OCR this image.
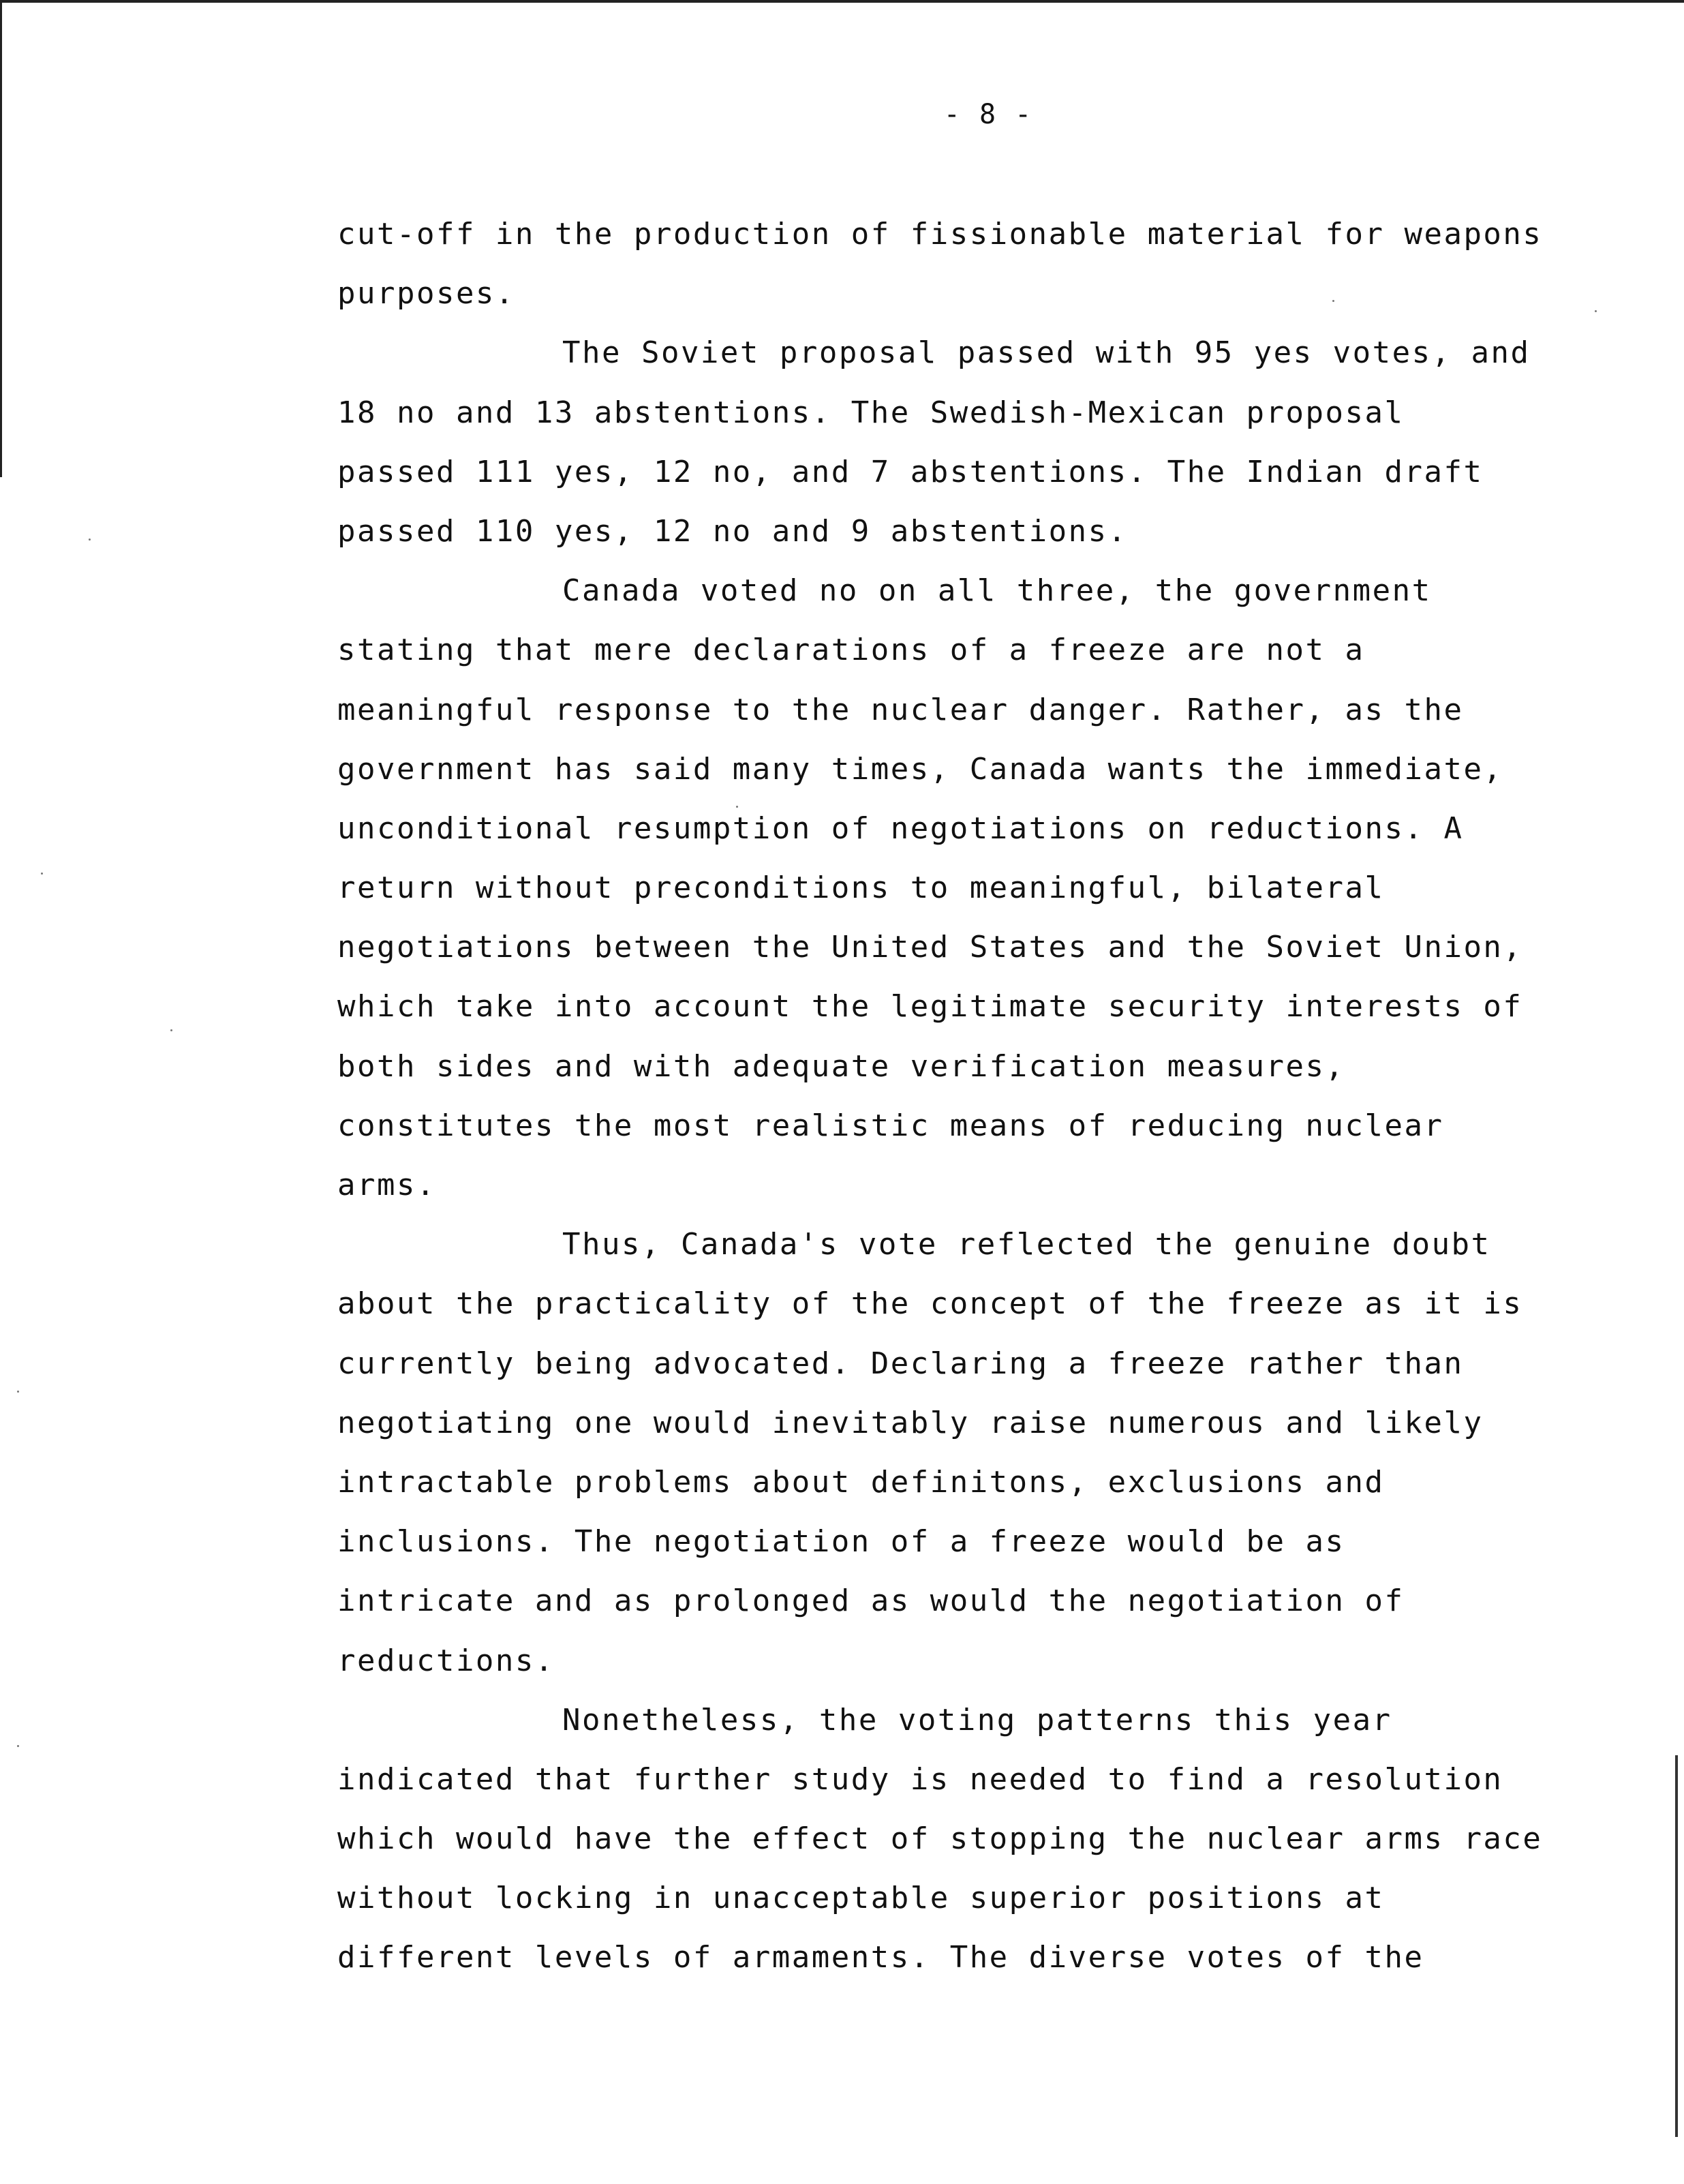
- 8 -
cut-off in the production of fissionable material for weapons
purposes.
The Soviet proposal passed with 95 yes votes, and
18 no and 13 abstentions. The Swedish-Mexican proposal
passed 111 yes, 12 no, and 7 abstentions. The Indian draft
passed 110 yes, 12 no and 9 abstentions.
Canada voted no on all three, the government
stating that mere declarations of a freeze are not a
meaningful response to the nuclear danger. Rather, as the
government has said many times, Canada wants the immediate,
unconditional resumption of negotiations on reductions. A
return without preconditions to meaningful, bilateral
negotiations between the United States and the Soviet Union,
which take into account the legitimate security interests of
both sides and with adequate verification measures,
constitutes the most realistic means of reducing nuclear
arms.
Thus, Canada's vote reflected the genuine doubt
about the practicality of the concept of the freeze as it is
currently being advocated. Declaring a freeze rather than
negotiating one would inevitably raise numerous and likely
intractable problems about definitons, exclusions and
inclusions. The negotiation of a freeze would be as
intricate and as prolonged as would the negotiation of
reductions.
Nonetheless, the voting patterns this year
indicated that further study is needed to find a resolution
which would have the effect of stopping the nuclear arms race
without locking in unacceptable superior positions at
different levels of armaments. The diverse votes of the
